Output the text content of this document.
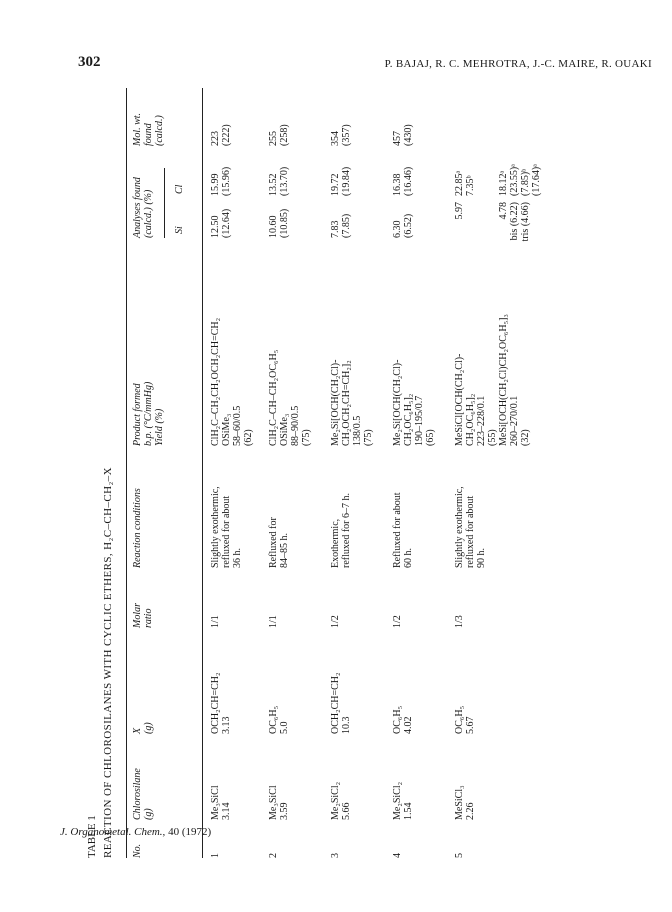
302	P. BAJAJ, R. C. MEHROTRA, J.-C. MAIRE, R. OUAKI
TABLE 1 REACTION OF CHLOROSILANES WITH CYCLIC ETHERS, H₂C–CH–CH₂–X No.
Chlorosilane
(g)
X
(g)
Molar
ratio
Reaction conditions
Product formed
b.p. (°C/mmHg)
Yield (%)
Analyses found
(calcd.) (%)
Si
Cl
Mol. wt.
found
(calcd.)
1
Me₃SiCl
3.14
OCH₂CH=CH₂
3.13
1/1
Slightly exothermic,
refluxed for about
36 h.
ClH₂C–CH₂CH₂OCH₂CH=CH₂
OSiMe₃
58–60/0.5
(62)
12.50
(12.64)
15.99
(15.96)
223
(222)
2
Me₃SiCl
3.59
OC₆H₅
5.0
1/1
Refluxed for
84–85 h.
ClH₂C–CH–CH₂OC₆H₅
OSiMe₃
88–90/0.5
(75)
10.60
(10.85)
13.52
(13.70)
255
(258)
3
Me₂SiCl₂
5.66
OCH₂CH=CH₂
10.3
1/2
Exothermic,
refluxed for 6–7 h.
Me₂Si[OCH(CH₂Cl)-
CH₂OCH₂CH=CH₂]₂
138/0.5
(75)
7.83
(7.85)
19.72
(19.84)
354
(357)
4
Me₂SiCl₂
1.54
OC₆H₅
4.02
1/2
Refluxed for about
60 h.
Me₂Si[OCH(CH₂Cl)-
CH₂OC₆H₅]₂
190–195/0.7
(65)
6.30
(6.52)
16.38
(16.46)
457
(430)
5
MeSiCl₃
2.26
OC₆H₅
5.67
1/3
Slightly exothermic,
refluxed for about
90 h.
MeSiCl[OCH(CH₂Cl)-
CH₂OC₆H₅]₂
223–228/0.1
(55)
MeSi[OCH(CH₂Cl)CH₂OC₆H₅]₃
260–270/0.1
(32)
5.97

4.78
bis (6.22)
tris (4.66)
22.85ᵃ
7.35ᵇ

18.12ᵃ
(23.55)ᵃ
(7.85)ᵇ
(17.64)ᵃ
J. Organometal. Chem., 40 (1972)
